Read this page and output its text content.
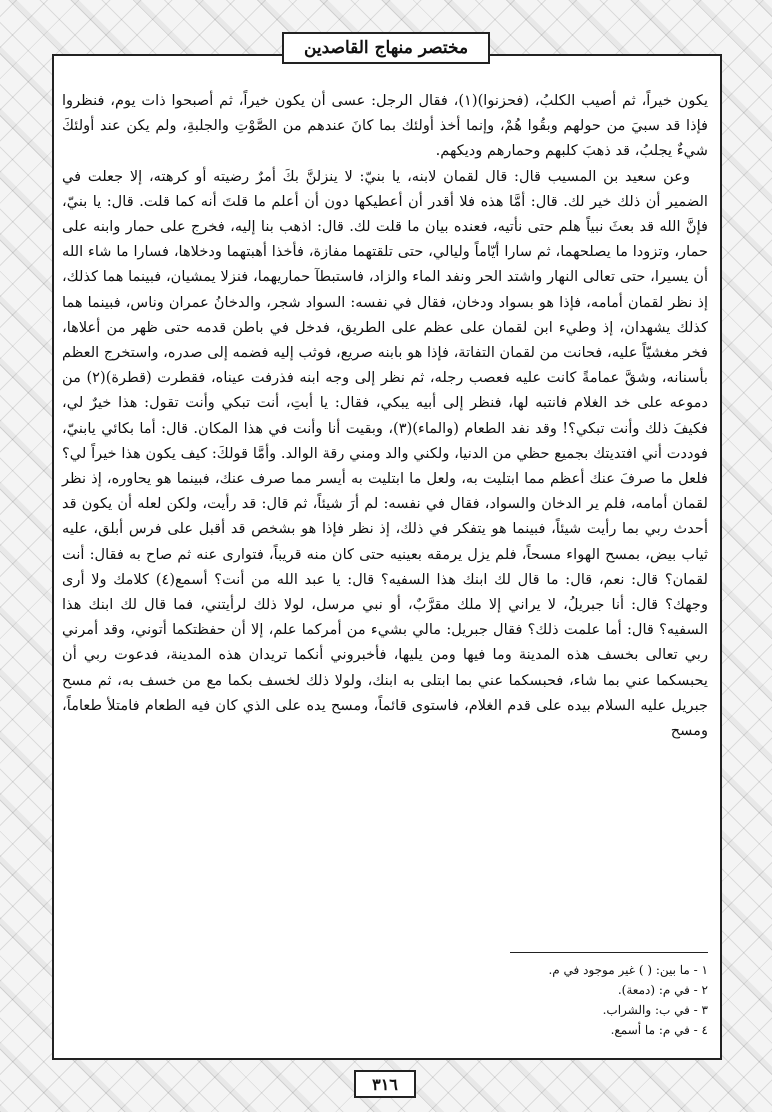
مختصر منهاج القاصدين

يكون خيراً، ثم أصيب الكلبُ، (فحزنوا)(١)، فقال الرجل: عسى أن يكون خيراً، ثم أصبحوا ذات يوم، فنظروا فإذا قد سبيَ من حولهم وبقُوا هُمْ، وإنما أخذ أولئك بما كانَ عندهم من الصَّوْتِ والجلبةِ، ولم يكن عند أولئكَ شيءٌ يجلبُ، قد ذهبَ كلبهم وحمارهم وديكهم.

وعن سعيد بن المسيب قال: قال لقمان لابنه، يا بنيّ: لا ينزلنَّ بكَ أمرٌ رضيته أو كرهته، إلا جعلت في الضمير أن ذلك خير لك. قال: أمَّا هذه فلا أقدر أن أعطيكها دون أن أعلم ما قلتَ أنه كما قلت. قال: يا بنيّ، فإنَّ الله قد بعثَ نبياً هلم حتى نأتيه، فعنده بيان ما قلت لك. قال: اذهب بنا إليه، فخرج على حمار وابنه على حمار، وتزودا ما يصلحهما، ثم سارا أيّاماً وليالي، حتى تلقتهما مفازة، فأخذا أهبتهما ودخلاها، فسارا ما شاء الله أن يسيرا، حتى تعالى النهار واشتد الحر ونفد الماء والزاد، فاستبطآ حماريهما، فنزلا يمشيان، فبينما هما كذلك، إذ نظر لقمان أمامه، فإذا هو بسواد ودخان، فقال في نفسه: السواد شجر، والدخانُ عمران وناس، فبينما هما كذلك يشهدان، إذ وطيء ابن لقمان على عظم على الطريق، فدخل في باطن قدمه حتى ظهر من أعلاها، فخر مغشيّاً عليه، فحانت من لقمان التفاتة، فإذا هو بابنه صريع، فوثب إليه فضمه إلى صدره، واستخرج العظم بأسنانه، وشقَّ عمامةً كانت عليه فعصب رجله، ثم نظر إلى وجه ابنه فذرفت عيناه، فقطرت (قطرة)(٢) من دموعه على خد الغلام فانتبه لها، فنظر إلى أبيه يبكي، فقال: يا أبتِ، أنت تبكي وأنت تقول: هذا خيرٌ لي، فكيفَ ذلك وأنت تبكي؟! وقد نفد الطعام (والماء)(٣)، وبقيت أنا وأنت في هذا المكان. قال: أما بكائي يابنيّ، فوددت أني افتديتك بجميع حظي من الدنيا، ولكني والد ومني رقة الوالد. وأمَّا قولكَ: كيف يكون هذا خيراً لي؟ فلعل ما صرفَ عنك أعظم مما ابتليت به، ولعل ما ابتليت به أيسر مما صرف عنك، فبينما هو يحاوره، إذ نظر لقمان أمامه، فلم ير الدخان والسواد، فقال في نفسه: لم أرَ شيئاً، ثم قال: قد رأيت، ولكن لعله أن يكون قد أحدث ربي بما رأيت شيئاً، فبينما هو يتفكر في ذلك، إذ نظر فإذا هو بشخص قد أقبل على فرس أبلق، عليه ثياب بيض، بمسح الهواء مسحاً، فلم يزل يرمقه بعينيه حتى كان منه قريباً، فتوارى عنه ثم صاح به فقال: أنت لقمان؟ قال: نعم، قال: ما قال لك ابنك هذا السفيه؟ قال: يا عبد الله من أنت؟ أسمع(٤) كلامك ولا أرى وجهك؟ قال: أنا جبريلُ، لا يراني إلا ملك مقرَّبٌ، أو نبي مرسل، لولا ذلك لرأيتني، فما قال لك ابنك هذا السفيه؟ قال: أما علمت ذلك؟ فقال جبريل: مالي بشيء من أمركما علم، إلا أن حفظتكما أتوني، وقد أمرني ربي تعالى بخسف هذه المدينة وما فيها ومن يليها، فأخبروني أنكما تريدان هذه المدينة، فدعوت ربي أن يحبسكما عني بما شاء، فحبسكما عني بما ابتلى به ابنك، ولولا ذلك لخسف بكما مع من خسف به، ثم مسح جبريل عليه السلام بيده على قدم الغلام، فاستوى قائماً، ومسح يده على الذي كان فيه الطعام فامتلأ طعاماً، ومسح

١ - ما بين: ( ) غير موجود في م.
٢ - في م: (دمعة).
٣ - في ب: والشراب.
٤ - في م: ما أسمع.
٣١٦
